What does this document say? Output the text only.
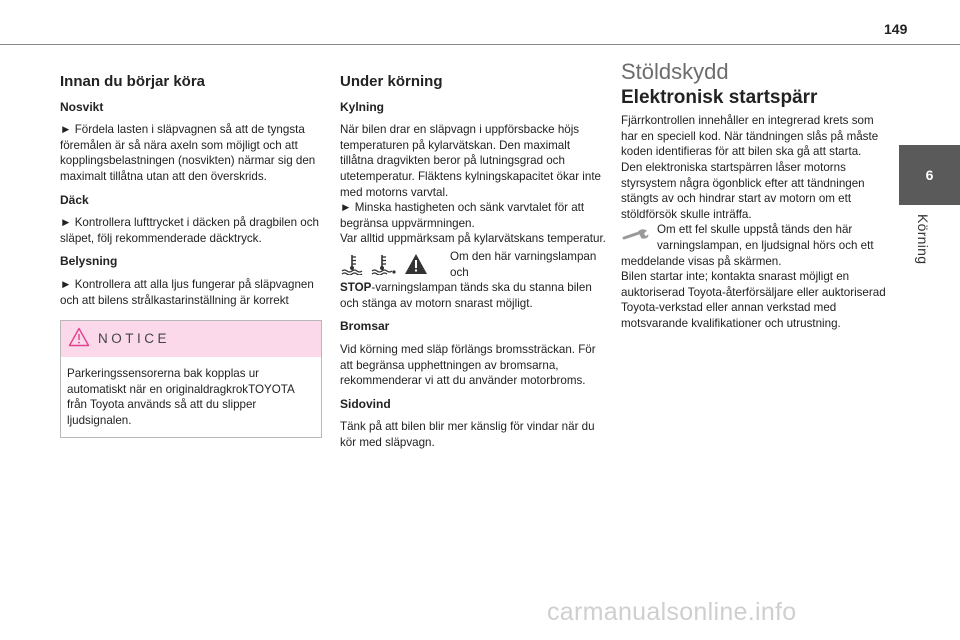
149
6
Körning
Innan du börjar köra
Nosvikt

► Fördela lasten i släpvagnen så att de tyngsta föremålen är så nära axeln som möjligt och att kopplingsbelastningen (nosvikten) närmar sig den maximalt tillåtna utan att den överskrids.

Däck

► Kontrollera lufttrycket i däcken på dragbilen och släpet, följ rekommenderade däcktryck.

Belysning

► Kontrollera att alla ljus fungerar på släpvagnen och att bilens strålkastarinställning är korrekt

NOTICE
Parkeringssensorerna bak kopplas ur automatiskt när en originaldragkrokTOYOTA från Toyota används så att du slipper ljudsignalen.
Under körning
Kylning

När bilen drar en släpvagn i uppförsbacke höjs temperaturen på kylarvätskan. Den maximalt tillåtna dragvikten beror på lutningsgrad och utetemperatur. Fläktens kylningskapacitet ökar inte med motorns varvtal.

► Minska hastigheten och sänk varvtalet för att begränsa uppvärmningen.

Var alltid uppmärksam på kylarvätskans temperatur.

Om den här varningslampan och

STOP-varningslampan tänds ska du stanna bilen och stänga av motorn snarast möjligt.

Bromsar

Vid körning med släp förlängs bromssträckan. För att begränsa upphettningen av bromsarna, rekommenderar vi att du använder motorbroms.

Sidovind

Tänk på att bilen blir mer känslig för vindar när du kör med släpvagn.

Stöldskydd
Elektronisk startspärr

Fjärrkontrollen innehåller en integrerad krets som har en speciell kod. När tändningen slås på måste koden identifieras för att bilen ska gå att starta.

Den elektroniska startspärren låser motorns styrsystem några ögonblick efter att tändningen stängts av och hindrar start av motorn om ett stöldförsök skulle inträffa.

Om ett fel skulle uppstå tänds den här varningslampan, en ljudsignal hörs och ett

meddelande visas på skärmen.

Bilen startar inte; kontakta snarast möjligt en auktoriserad Toyota-återförsäljare eller auktoriserad Toyota-verkstad eller annan verkstad med motsvarande kvalifikationer och utrustning.

carmanualsonline.info
